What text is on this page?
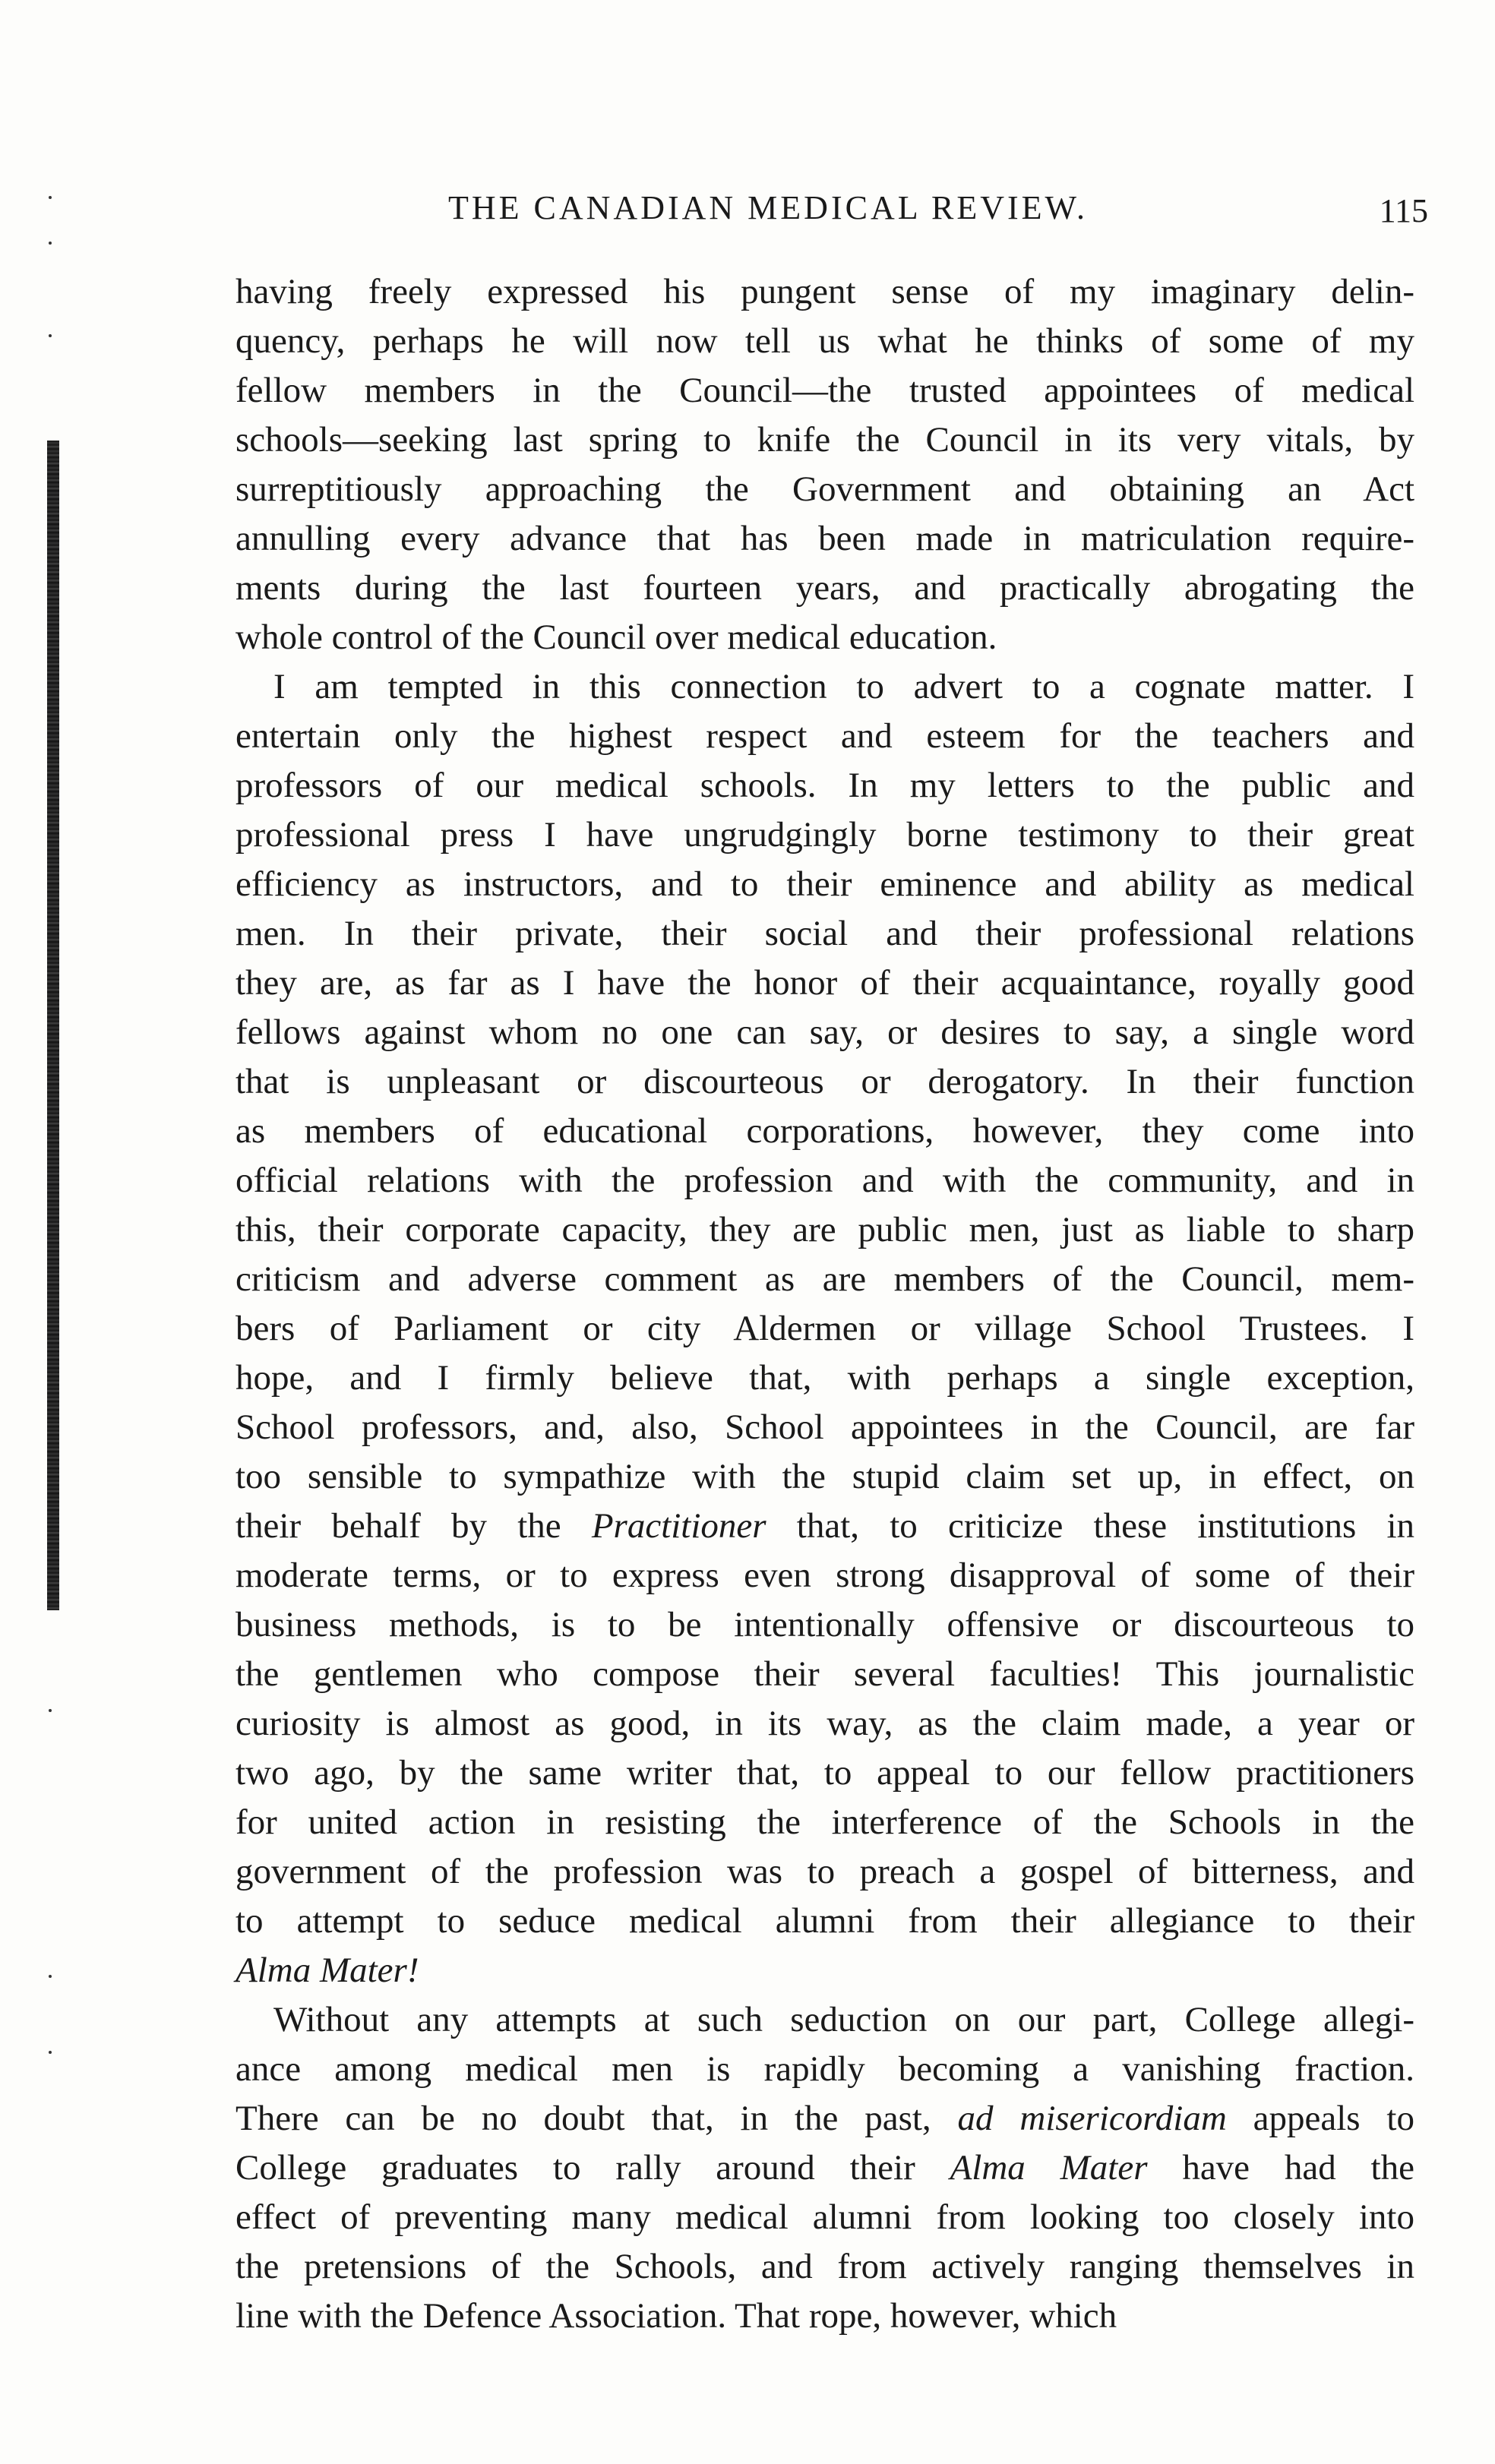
THE CANADIAN MEDICAL REVIEW.	115
having freely expressed his pungent sense of my imaginary delin-
quency, perhaps he will now tell us what he thinks of some of my
fellow members in the Council—the trusted appointees of medical
schools—seeking last spring to knife the Council in its very vitals, by
surreptitiously approaching the Government and obtaining an Act
annulling every advance that has been made in matriculation require-
ments during the last fourteen years, and practically abrogating the
whole control of the Council over medical education.
I am tempted in this connection to advert to a cognate matter. I
entertain only the highest respect and esteem for the teachers and
professors of our medical schools. In my letters to the public and
professional press I have ungrudgingly borne testimony to their great
efficiency as instructors, and to their eminence and ability as medical
men. In their private, their social and their professional relations
they are, as far as I have the honor of their acquaintance, royally good
fellows against whom no one can say, or desires to say, a single word
that is unpleasant or discourteous or derogatory. In their function
as members of educational corporations, however, they come into
official relations with the profession and with the community, and in
this, their corporate capacity, they are public men, just as liable to sharp
criticism and adverse comment as are members of the Council, mem-
bers of Parliament or city Aldermen or village School Trustees. I
hope, and I firmly believe that, with perhaps a single exception,
School professors, and, also, School appointees in the Council, are far
too sensible to sympathize with the stupid claim set up, in effect, on
their behalf by the Practitioner that, to criticize these institutions in
moderate terms, or to express even strong disapproval of some of their
business methods, is to be intentionally offensive or discourteous to
the gentlemen who compose their several faculties! This journalistic
curiosity is almost as good, in its way, as the claim made, a year or
two ago, by the same writer that, to appeal to our fellow practitioners
for united action in resisting the interference of the Schools in the
government of the profession was to preach a gospel of bitterness, and
to attempt to seduce medical alumni from their allegiance to their
Alma Mater!
Without any attempts at such seduction on our part, College allegi-
ance among medical men is rapidly becoming a vanishing fraction.
There can be no doubt that, in the past, ad misericordiam appeals to
College graduates to rally around their Alma Mater have had the
effect of preventing many medical alumni from looking too closely into
the pretensions of the Schools, and from actively ranging themselves in
line with the Defence Association. That rope, however, which
